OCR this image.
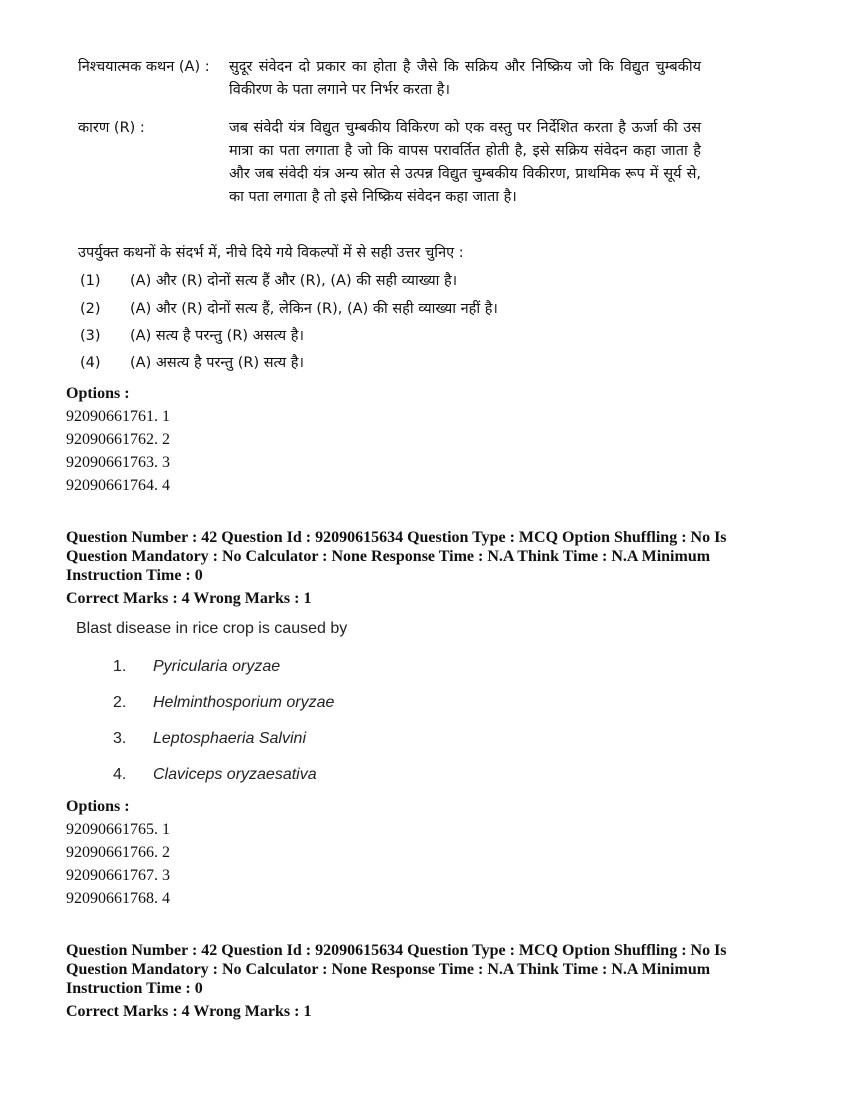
निश्चयात्मक कथन (A) :	सुदूर संवेदन दो प्रकार का होता है जैसे कि सक्रिय और निष्क्रिय जो कि विद्युत चुम्बकीय विकीरण के पता लगाने पर निर्भर करता है।
कारण (R) :	जब संवेदी यंत्र विद्युत चुम्बकीय विकिरण को एक वस्तु पर निर्देशित करता है ऊर्जा की उस मात्रा का पता लगाता है जो कि वापस परावर्तित होती है, इसे सक्रिय संवेदन कहा जाता है और जब संवेदी यंत्र अन्य स्रोत से उत्पन्न विद्युत चुम्बकीय विकीरण, प्राथमिक रूप में सूर्य से, का पता लगाता है तो इसे निष्क्रिय संवेदन कहा जाता है।
उपर्युक्त कथनों के संदर्भ में, नीचे दिये गये विकल्पों में से सही उत्तर चुनिए :
(1) (A) और (R) दोनों सत्य हैं और (R), (A) की सही व्याख्या है।
(2) (A) और (R) दोनों सत्य हैं, लेकिन (R), (A) की सही व्याख्या नहीं है।
(3) (A) सत्य है परन्तु (R) असत्य है।
(4) (A) असत्य है परन्तु (R) सत्य है।
Options :
92090661761. 1
92090661762. 2
92090661763. 3
92090661764. 4
Question Number : 42 Question Id : 92090615634 Question Type : MCQ Option Shuffling : No Is
Question Mandatory : No Calculator : None Response Time : N.A Think Time : N.A Minimum
Instruction Time : 0
Correct Marks : 4 Wrong Marks : 1
Blast disease in rice crop is caused by
1. Pyricularia oryzae
2. Helminthosporium oryzae
3. Leptosphaeria Salvini
4. Claviceps oryzaesativa
Options :
92090661765. 1
92090661766. 2
92090661767. 3
92090661768. 4
Question Number : 42 Question Id : 92090615634 Question Type : MCQ Option Shuffling : No Is
Question Mandatory : No Calculator : None Response Time : N.A Think Time : N.A Minimum
Instruction Time : 0
Correct Marks : 4 Wrong Marks : 1
